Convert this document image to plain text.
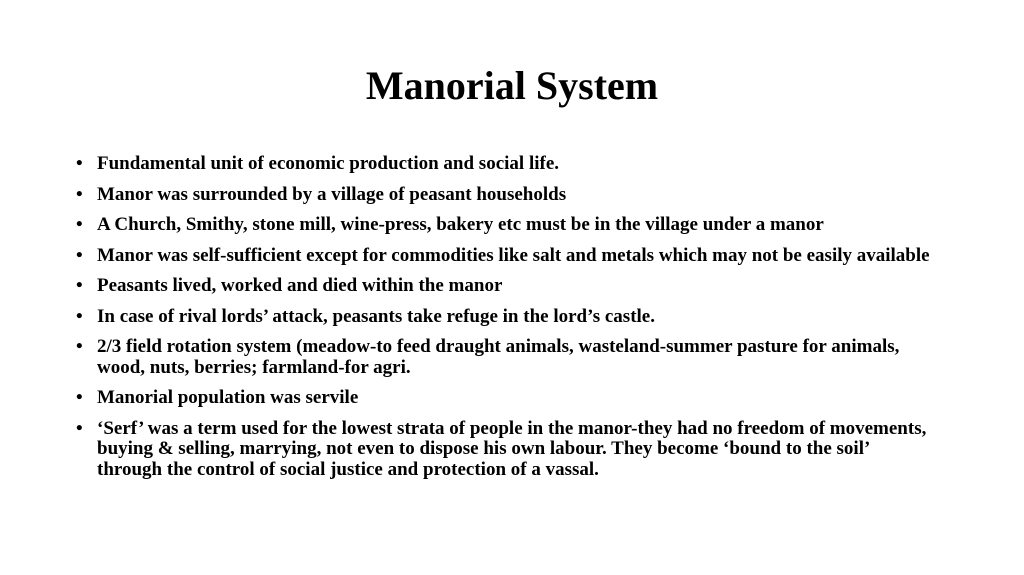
Manorial System
• Fundamental unit of economic production and social life.
• Manor was surrounded by a village of peasant households
• A Church, Smithy, stone mill, wine-press, bakery etc must be in the village under a manor
• Manor was self-sufficient except for commodities like salt and metals which may not be easily available
• Peasants lived, worked and died within the manor
• In case of rival lords’ attack, peasants take refuge in the lord’s castle.
• 2/3 field rotation system (meadow-to feed draught animals, wasteland-summer pasture for animals, wood, nuts, berries; farmland-for agri.
• Manorial population was servile
• ‘Serf’ was a term used for the lowest strata of people in the manor-they had no freedom of movements, buying & selling, marrying, not even to dispose his own labour. They become ‘bound to the soil’ through the control of social justice and protection of a vassal.
